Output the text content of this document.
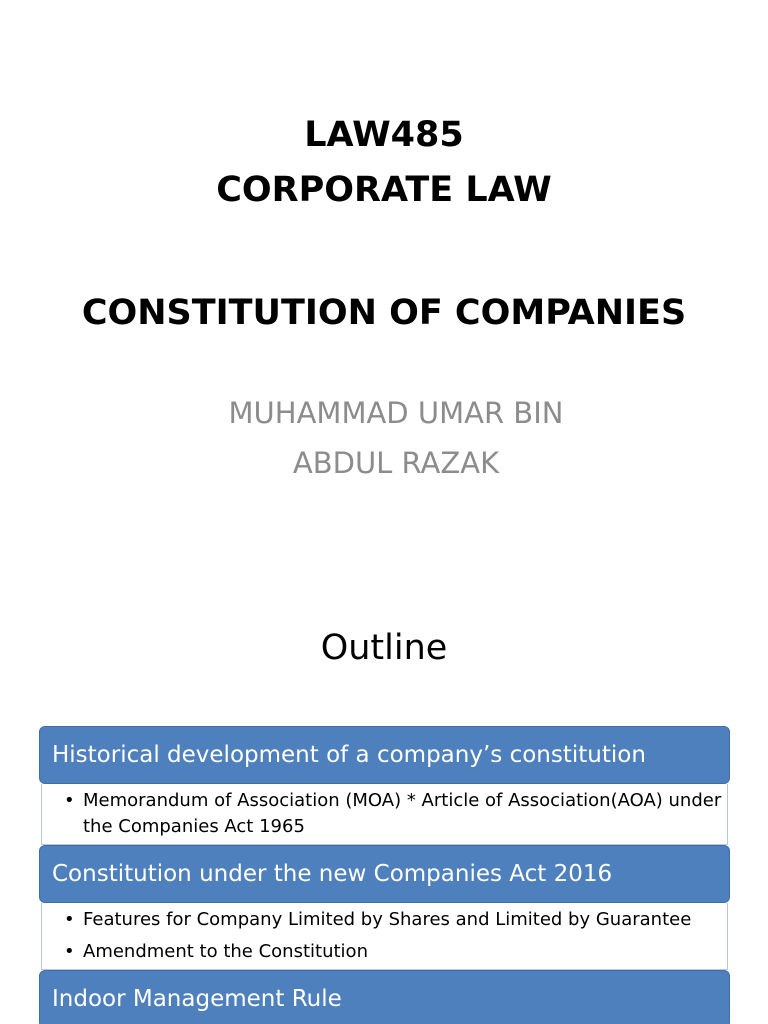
LAW485
CORPORATE LAW
CONSTITUTION OF COMPANIES
MUHAMMAD UMAR BIN
ABDUL RAZAK
Outline
Historical development of a company’s constitution
• Memorandum of Association (MOA) * Article of Association(AOA) under the Companies Act 1965
Constitution under the new Companies Act 2016
• Features for Company Limited by Shares and Limited by Guarantee
• Amendment to the Constitution
Indoor Management Rule
